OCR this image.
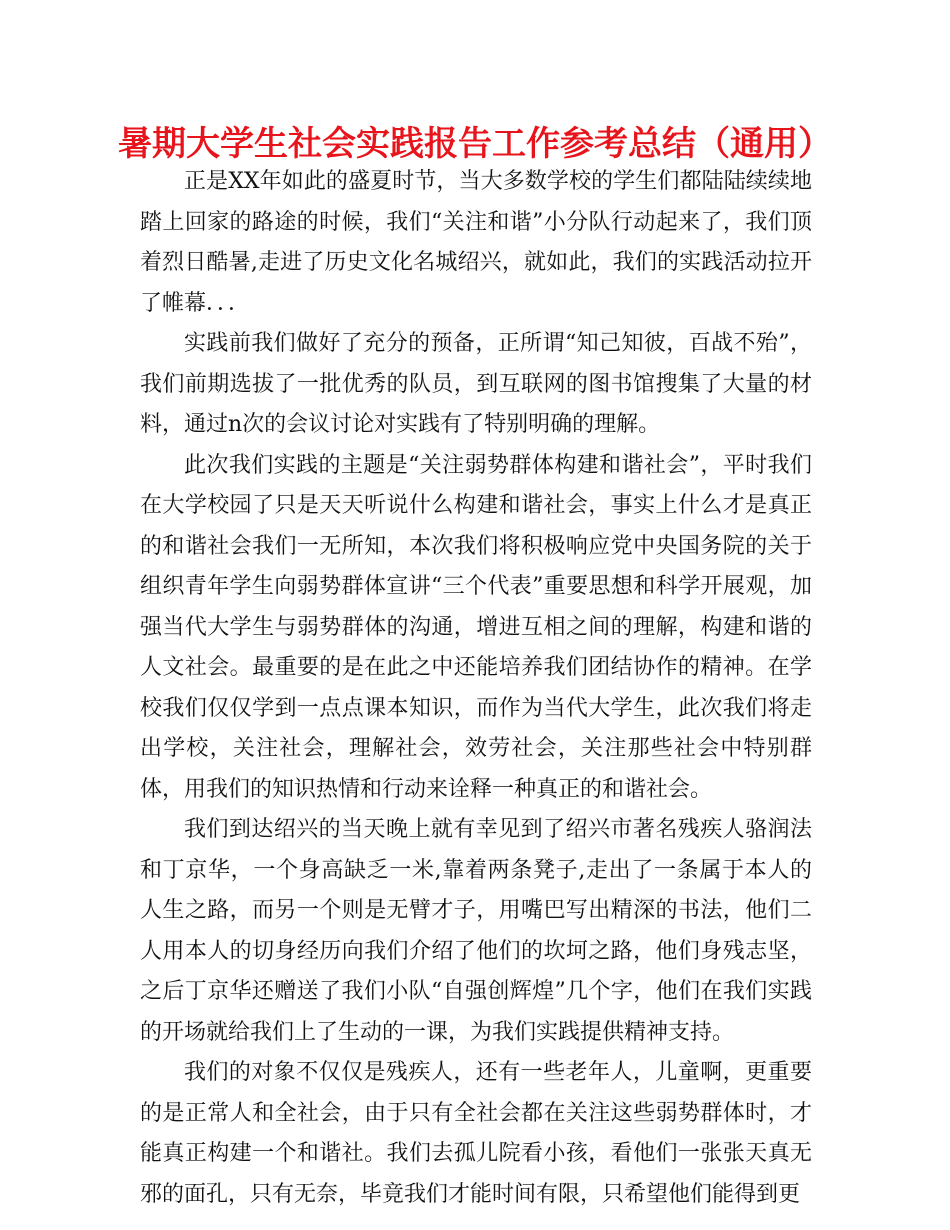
暑期大学生社会实践报告工作参考总结（通用）

正是XX年如此的盛夏时节，当大多数学校的学生们都陆陆续续地踏上回家的路途的时候，我们“关注和谐”小分队行动起来了，我们顶着烈日酷暑,走进了历史文化名城绍兴，就如此，我们的实践活动拉开了帷幕．．．

实践前我们做好了充分的预备，正所谓“知己知彼，百战不殆”，我们前期选拔了一批优秀的队员，到互联网的图书馆搜集了大量的材料，通过n次的会议讨论对实践有了特别明确的理解。

此次我们实践的主题是“关注弱势群体构建和谐社会”，平时我们在大学校园了只是天天听说什么构建和谐社会，事实上什么才是真正的和谐社会我们一无所知，本次我们将积极响应党中央国务院的关于组织青年学生向弱势群体宣讲“三个代表”重要思想和科学开展观，加强当代大学生与弱势群体的沟通，增进互相之间的理解，构建和谐的人文社会。最重要的是在此之中还能培养我们团结协作的精神。在学校我们仅仅学到一点点课本知识，而作为当代大学生，此次我们将走出学校，关注社会，理解社会，效劳社会，关注那些社会中特别群体，用我们的知识热情和行动来诠释一种真正的和谐社会。

我们到达绍兴的当天晚上就有幸见到了绍兴市著名残疾人骆润法和丁京华，一个身高缺乏一米,靠着两条凳子,走出了一条属于本人的人生之路，而另一个则是无臂才子，用嘴巴写出精深的书法，他们二人用本人的切身经历向我们介绍了他们的坎坷之路，他们身残志坚，之后丁京华还赠送了我们小队“自强创辉煌”几个字，他们在我们实践的开场就给我们上了生动的一课，为我们实践提供精神支持。

我们的对象不仅仅是残疾人，还有一些老年人，儿童啊，更重要的是正常人和全社会，由于只有全社会都在关注这些弱势群体时，才能真正构建一个和谐社。我们去孤儿院看小孩，看他们一张张天真无邪的面孔，只有无奈，毕竟我们才能时间有限，只希望他们能得到更
